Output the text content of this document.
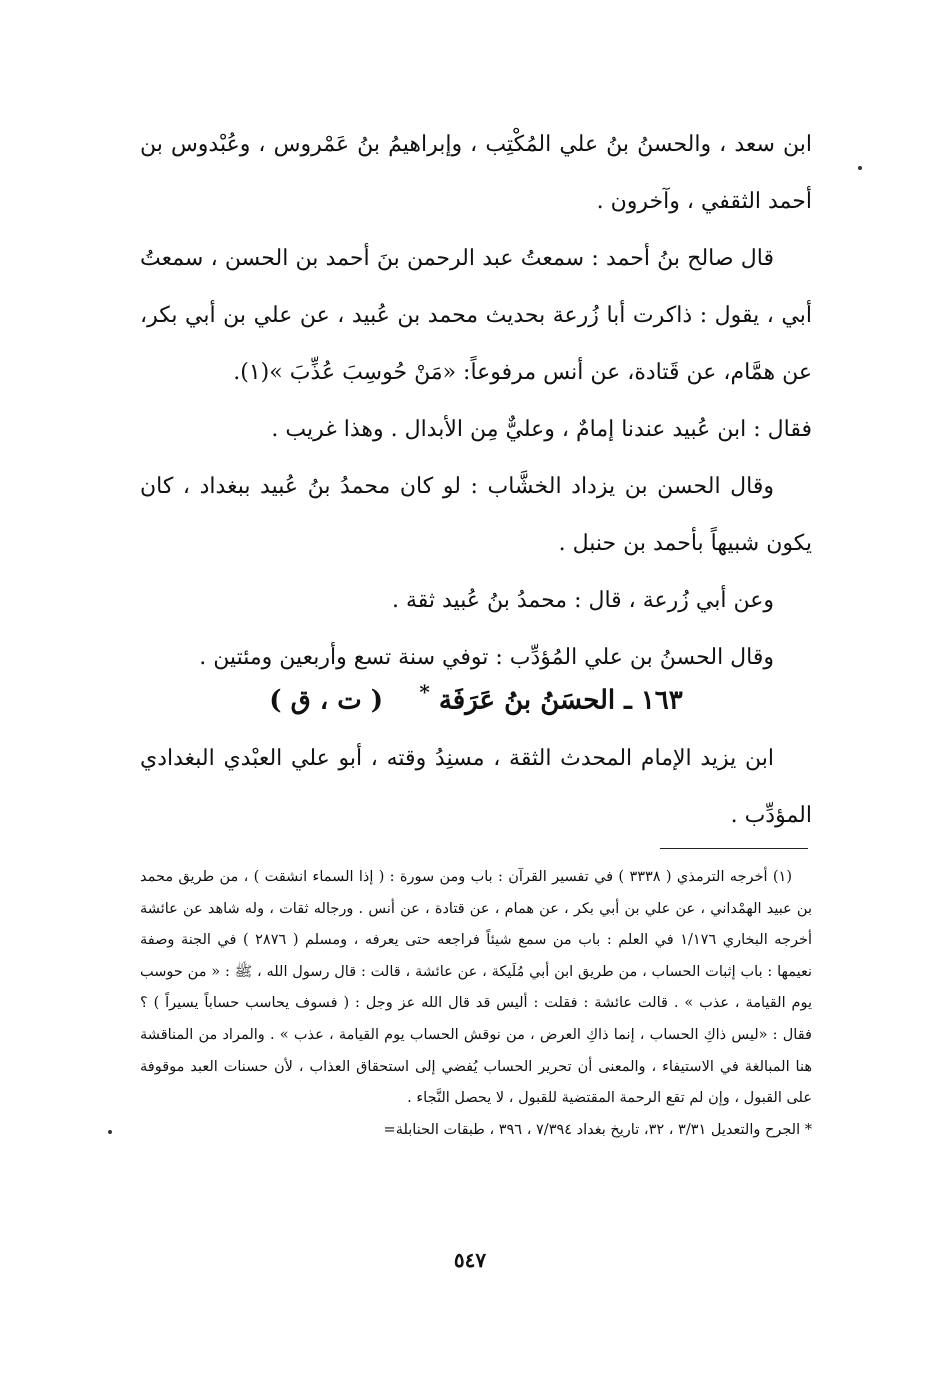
ابن سعد ، والحسنُ بنُ علي المُكْتِب ، وإبراهيمُ بنُ عَمْروس ، وعُبْدوس بن أحمد الثقفي ، وآخرون .

قال صالح بنُ أحمد : سمعتُ عبد الرحمن بنَ أحمد بن الحسن ، سمعتُ أبي ، يقول : ذاكرت أبا زُرعة بحديث محمد بن عُبيد ، عن علي بن أبي بكر، عن همَّام، عن قَتادة، عن أنس مرفوعاً: «مَنْ حُوسِبَ عُذِّبَ »(١).

فقال : ابن عُبيد عندنا إمامٌ ، وعليٌّ مِن الأبدال . وهذا غريب .

وقال الحسن بن يزداد الخشَّاب : لو كان محمدُ بنُ عُبيد ببغداد ، كان يكون شبيهاً بأحمد بن حنبل .

وعن أبي زُرعة ، قال : محمدُ بنُ عُبيد ثقة .

وقال الحسنُ بن علي المُؤدِّب : توفي سنة تسع وأربعين ومئتين .

١٦٣ ـ الحسَنُ بنُ عَرَفَة *    ( ت ، ق )

ابن يزيد الإمام المحدث الثقة ، مسنِدُ وقته ، أبو علي العبْدي البغدادي المؤدِّب .

(١) أخرجه الترمذي ( ٣٣٣٨ ) في تفسير القرآن : باب ومن سورة : ( إذا السماء انشقت ) ، من طريق محمد بن عبيد الهمْداني ، عن علي بن أبي بكر ، عن همام ، عن قتادة ، عن أنس . ورجاله ثقات ، وله شاهد عن عائشة أخرجه البخاري ١/١٧٦ في العلم : باب من سمع شيئاً فراجعه حتى يعرفه ، ومسلم ( ٢٨٧٦ ) في الجنة وصفة نعيمها : باب إثبات الحساب ، من طريق ابن أبي مُلَيكة ، عن عائشة ، قالت : قال رسول الله ، ﷺ : « من حوسب يوم القيامة ، عذب » . قالت عائشة : فقلت : أليس قد قال الله عز وجل : ( فسوف يحاسب حساباً يسيراً ) ؟ فقال : «ليس ذاكِ الحساب ، إنما ذاكِ العرض ، من نوقش الحساب يوم القيامة ، عذب » . والمراد من المناقشة هنا المبالغة في الاستيفاء ، والمعنى أن تحرير الحساب يُفضي إلى استحقاق العذاب ، لأن حسنات العبد موقوفة على القبول ، وإن لم تقع الرحمة المقتضية للقبول ، لا يحصل النَّجاء .

* الجرح والتعديل ٣/٣١ ، ٣٢، تاريخ بغداد ٧/٣٩٤ ، ٣٩٦ ، طبقات الحنابلة=

٥٤٧
